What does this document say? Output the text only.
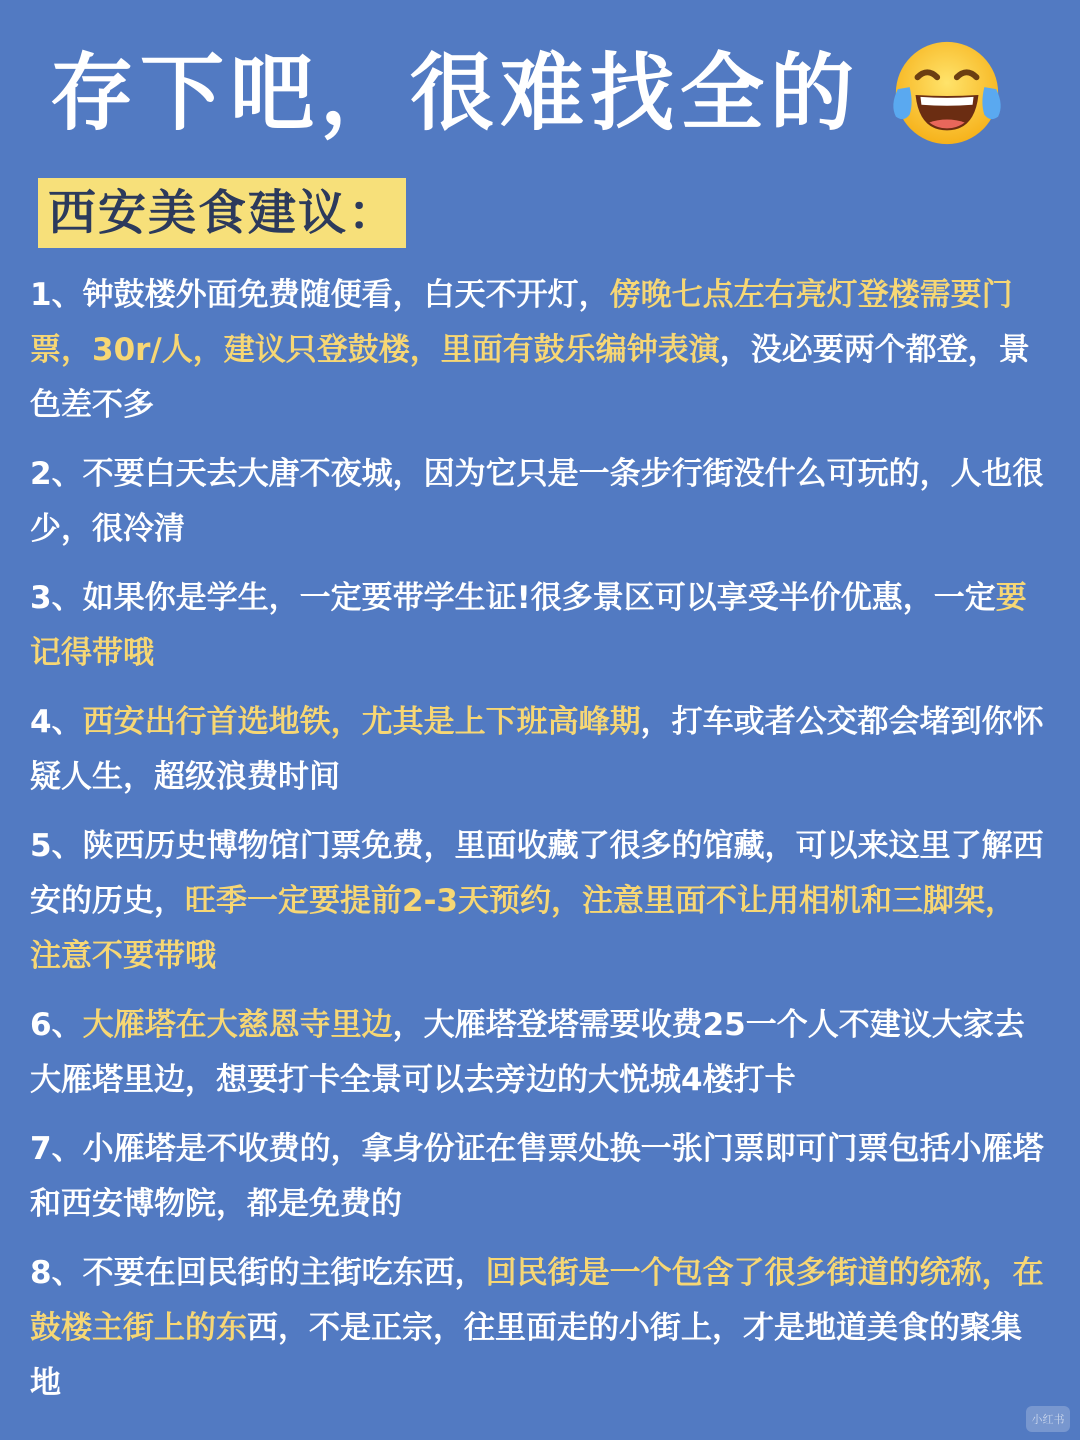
存下吧，很难找全的
西安美食建议：

1、钟鼓楼外面免费随便看，白天不开灯，傍晚七点左右亮灯登楼需要门票，30r/人，建议只登鼓楼，里面有鼓乐编钟表演，没必要两个都登，景色差不多

2、不要白天去大唐不夜城，因为它只是一条步行街没什么可玩的，人也很少，很冷清

3、如果你是学生，一定要带学生证!很多景区可以享受半价优惠，一定要记得带哦

4、西安出行首选地铁，尤其是上下班高峰期，打车或者公交都会堵到你怀疑人生，超级浪费时间

5、陕西历史博物馆门票免费，里面收藏了很多的馆藏，可以来这里了解西安的历史，旺季一定要提前2-3天预约，注意里面不让用相机和三脚架，注意不要带哦

6、大雁塔在大慈恩寺里边，大雁塔登塔需要收费25一个人不建议大家去大雁塔里边，想要打卡全景可以去旁边的大悦城4楼打卡

7、小雁塔是不收费的，拿身份证在售票处换一张门票即可门票包括小雁塔和西安博物院，都是免费的

8、不要在回民街的主街吃东西，回民街是一个包含了很多街道的统称，在鼓楼主街上的东西，不是正宗，往里面走的小街上，才是地道美食的聚集地

小红书
